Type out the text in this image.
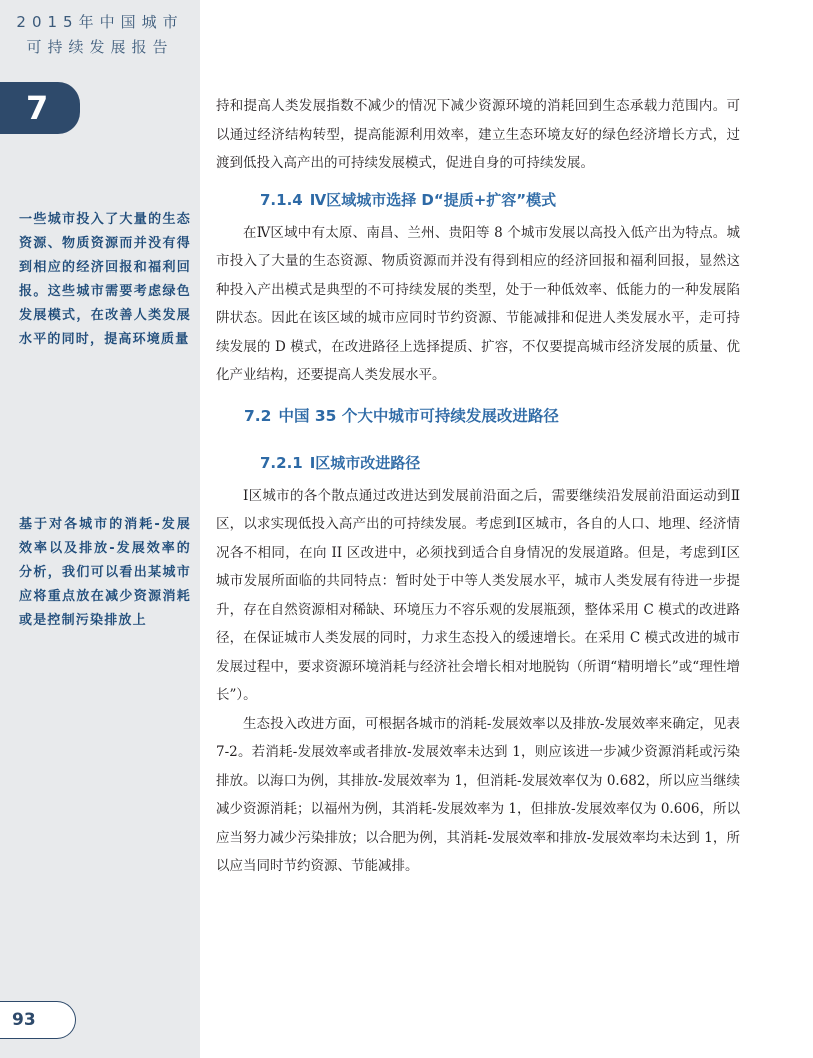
2015年中国城市
可持续发展报告
7
一些城市投入了大量的生态资源、物质资源而并没有得到相应的经济回报和福利回报。这些城市需要考虑绿色发展模式，在改善人类发展水平的同时，提高环境质量
基于对各城市的消耗-发展效率以及排放-发展效率的分析，我们可以看出某城市应将重点放在减少资源消耗或是控制污染排放上
93

持和提高人类发展指数不减少的情况下减少资源环境的消耗回到生态承载力范围内。可以通过经济结构转型，提高能源利用效率，建立生态环境友好的绿色经济增长方式，过渡到低投入高产出的可持续发展模式，促进自身的可持续发展。

7.1.4 Ⅳ区域城市选择 D“提质+扩容”模式

在Ⅳ区域中有太原、南昌、兰州、贵阳等 8 个城市发展以高投入低产出为特点。城市投入了大量的生态资源、物质资源而并没有得到相应的经济回报和福利回报，显然这种投入产出模式是典型的不可持续发展的类型，处于一种低效率、低能力的一种发展陷阱状态。因此在该区域的城市应同时节约资源、节能减排和促进人类发展水平，走可持续发展的 D 模式，在改进路径上选择提质、扩容，不仅要提高城市经济发展的质量、优化产业结构，还要提高人类发展水平。

7.2 中国 35 个大中城市可持续发展改进路径
7.2.1 Ⅰ区城市改进路径

Ⅰ区城市的各个散点通过改进达到发展前沿面之后，需要继续沿发展前沿面运动到Ⅱ区，以求实现低投入高产出的可持续发展。考虑到Ⅰ区城市，各自的人口、地理、经济情况各不相同，在向 II 区改进中，必须找到适合自身情况的发展道路。但是，考虑到Ⅰ区城市发展所面临的共同特点：暂时处于中等人类发展水平，城市人类发展有待进一步提升，存在自然资源相对稀缺、环境压力不容乐观的发展瓶颈，整体采用 C 模式的改进路径，在保证城市人类发展的同时，力求生态投入的缓速增长。在采用 C 模式改进的城市发展过程中，要求资源环境消耗与经济社会增长相对地脱钩（所谓“精明增长”或“理性增长”）。

生态投入改进方面，可根据各城市的消耗-发展效率以及排放-发展效率来确定，见表 7-2。若消耗-发展效率或者排放-发展效率未达到 1，则应该进一步减少资源消耗或污染排放。以海口为例，其排放-发展效率为 1，但消耗-发展效率仅为 0.682，所以应当继续减少资源消耗；以福州为例，其消耗-发展效率为 1，但排放-发展效率仅为 0.606，所以应当努力减少污染排放；以合肥为例，其消耗-发展效率和排放-发展效率均未达到 1，所以应当同时节约资源、节能减排。
